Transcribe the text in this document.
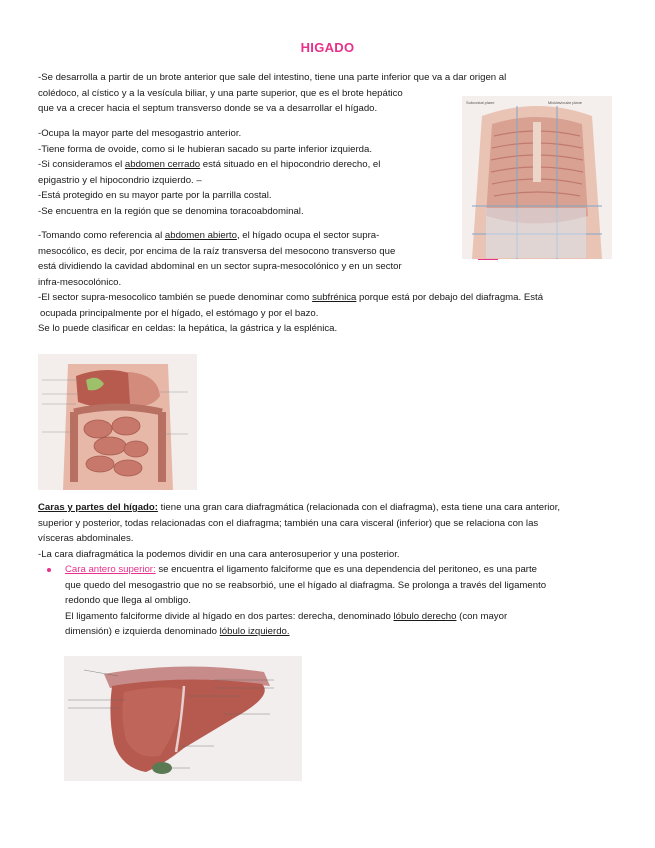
HIGADO

-Se desarrolla a partir de un brote anterior que sale del intestino, tiene una parte inferior que va a dar origen al

colédoco, al cístico y a la vesícula biliar, y una parte superior, que es el brote hepático

que va a crecer hacia el septum transverso donde se va a desarrollar el hígado.

-Ocupa la mayor parte del mesogastrio anterior.

-Tiene forma de ovoide, como si le hubieran sacado su parte inferior izquierda.

-Si consideramos el abdomen cerrado está situado en el hipocondrio derecho, el

epigastrio y el hipocondrio izquierdo. –

-Está protegido en su mayor parte por la parrilla costal.

-Se encuentra en la región que se denomina toracoabdominal.

Subcostal plane	Midclavicular plane

-Tomando como referencia al abdomen abierto, el hígado ocupa el sector supra-

mesocólico, es decir, por encima de la raíz transversa del mesocono transverso que

está dividiendo la cavidad abdominal en un sector supra-mesocolónico y en un sector

infra-mesocolónico.

-El sector supra-mesocolico también se puede denominar como subfrénica porque está por debajo del diafragma. Está

ocupada principalmente por el hígado, el estómago y por el bazo.

Se lo puede clasificar en celdas: la hepática, la gástrica y la esplénica.

Caras y partes del hígado: tiene una gran cara diafragmática (relacionada con el diafragma), esta tiene una cara anterior,

superior y posterior, todas relacionadas con el diafragma; también una cara visceral (inferior) que se relaciona con las

vísceras abdominales.

-La cara diafragmática la podemos dividir en una cara anterosuperior y una posterior.

Cara antero superior: se encuentra el ligamento falciforme que es una dependencia del peritoneo, es una parte

que quedo del mesogastrio que no se reabsorbió, une el hígado al diafragma. Se prolonga a través del ligamento

redondo que llega al ombligo.

El ligamento falciforme divide al hígado en dos partes: derecha, denominado lóbulo derecho (con mayor

dimensión) e izquierda denominado lóbulo izquierdo.
